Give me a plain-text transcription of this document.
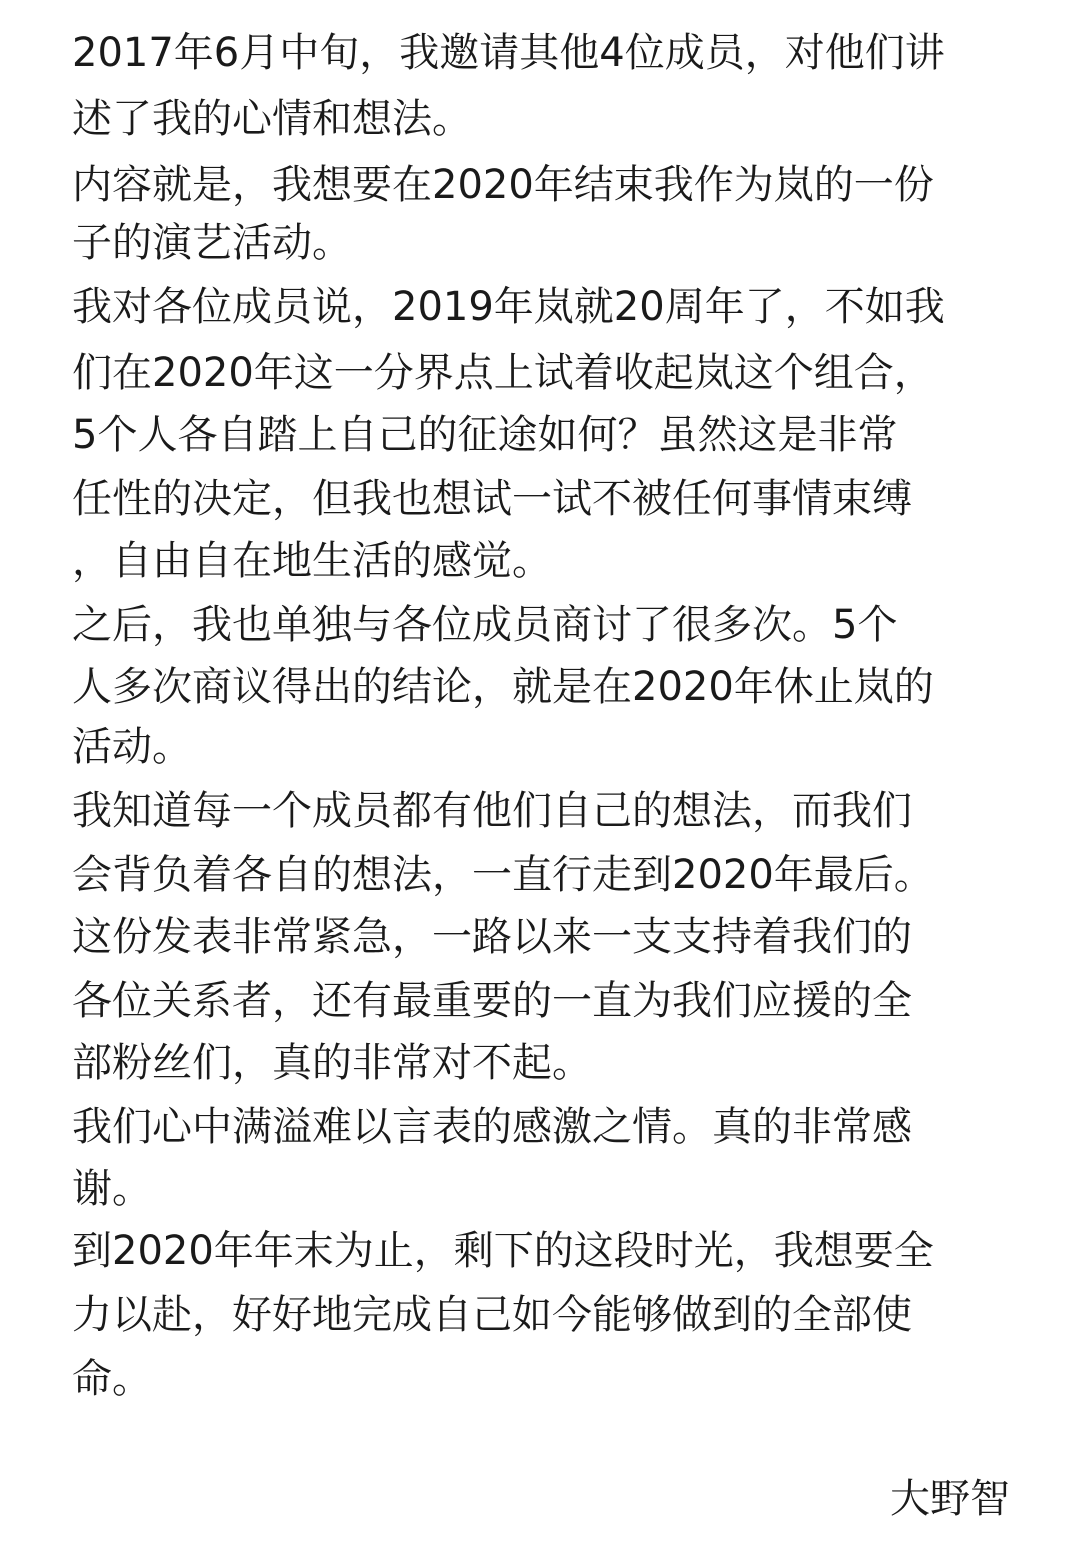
2017年6月中旬，我邀请其他4位成员，对他们讲
述了我的心情和想法。
内容就是，我想要在2020年结束我作为岚的一份
子的演艺活动。
我对各位成员说，2019年岚就20周年了，不如我
们在2020年这一分界点上试着收起岚这个组合，
5个人各自踏上自己的征途如何？虽然这是非常
任性的决定，但我也想试一试不被任何事情束缚
，自由自在地生活的感觉。
之后，我也单独与各位成员商讨了很多次。5个
人多次商议得出的结论，就是在2020年休止岚的
活动。
我知道每一个成员都有他们自己的想法，而我们
会背负着各自的想法，一直行走到2020年最后。
这份发表非常紧急，一路以来一支支持着我们的
各位关系者，还有最重要的一直为我们应援的全
部粉丝们，真的非常对不起。
我们心中满溢难以言表的感激之情。真的非常感
谢。
到2020年年末为止，剩下的这段时光，我想要全
力以赴，好好地完成自己如今能够做到的全部使
命。
大野智
